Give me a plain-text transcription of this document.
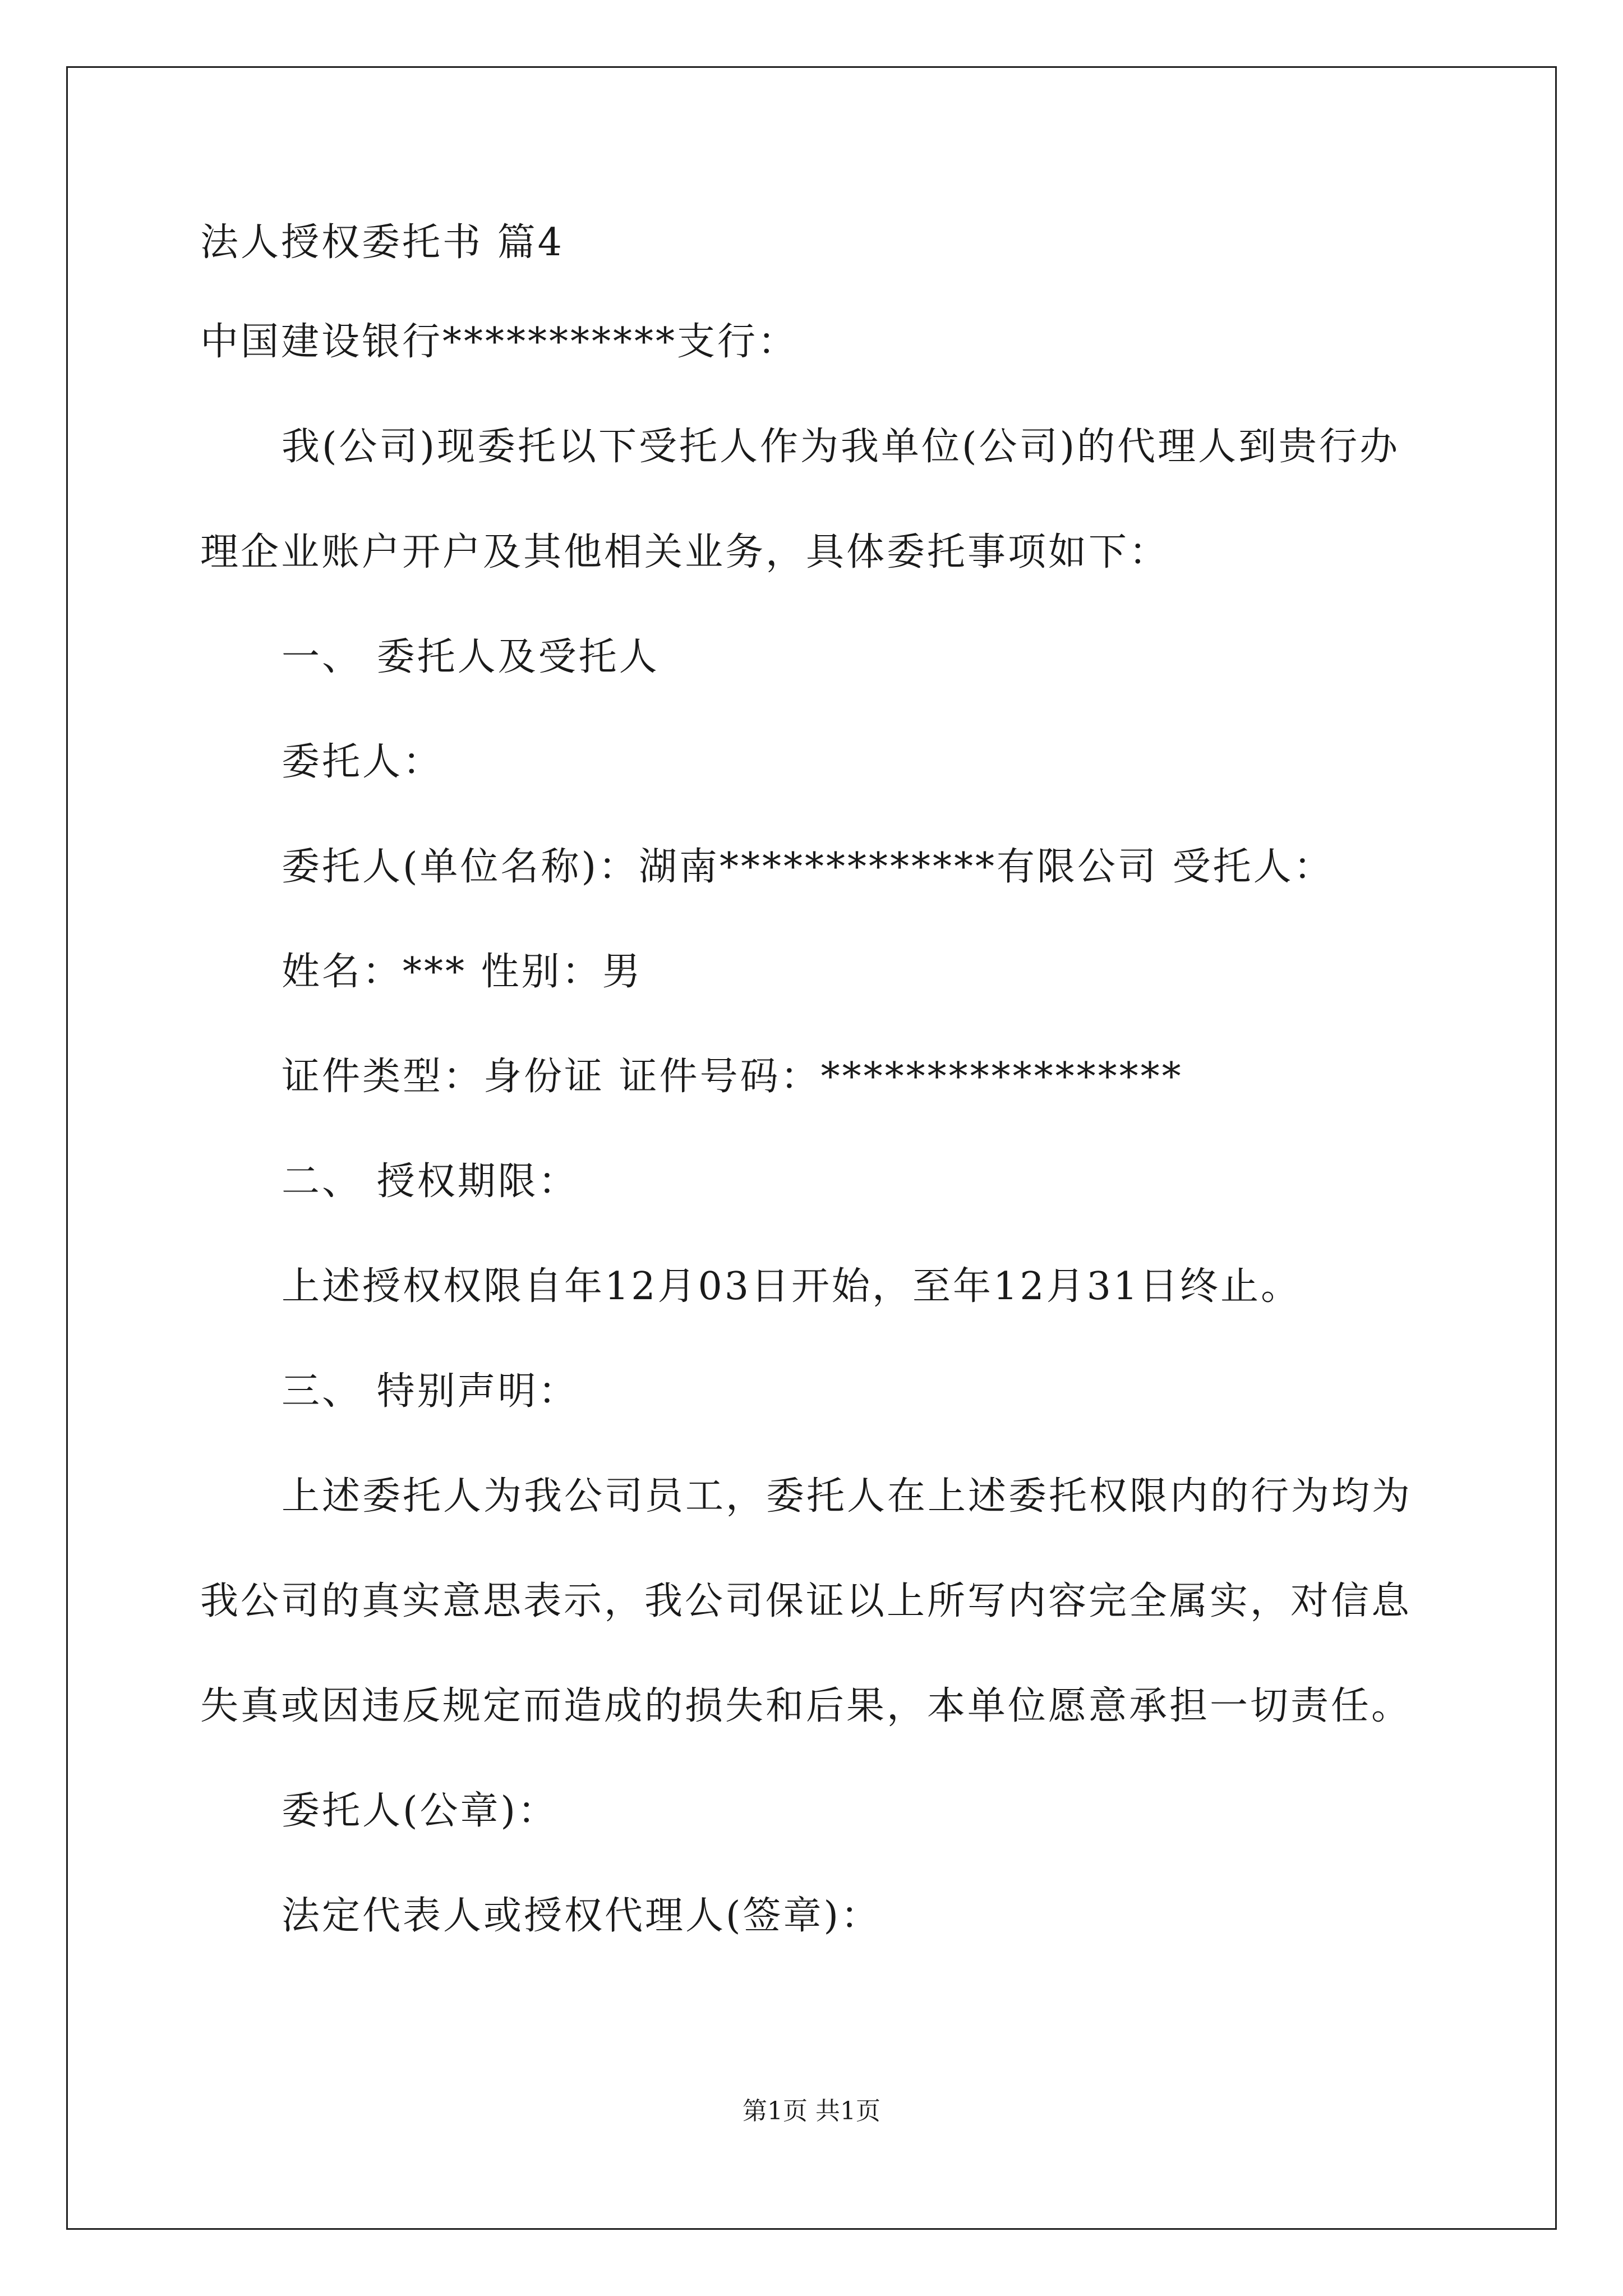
法人授权委托书 篇4
中国建设银行***********支行：
我(公司)现委托以下受托人作为我单位(公司)的代理人到贵行办
理企业账户开户及其他相关业务，具体委托事项如下：
一、 委托人及受托人
委托人：
委托人(单位名称)：湖南*************有限公司 受托人：
姓名：*** 性别：男
证件类型：身份证 证件号码：*****************
二、 授权期限：
上述授权权限自年12月03日开始，至年12月31日终止。
三、 特别声明：
上述委托人为我公司员工，委托人在上述委托权限内的行为均为
我公司的真实意思表示，我公司保证以上所写内容完全属实，对信息
失真或因违反规定而造成的损失和后果，本单位愿意承担一切责任。
委托人(公章)：
法定代表人或授权代理人(签章)：
第1页 共1页
